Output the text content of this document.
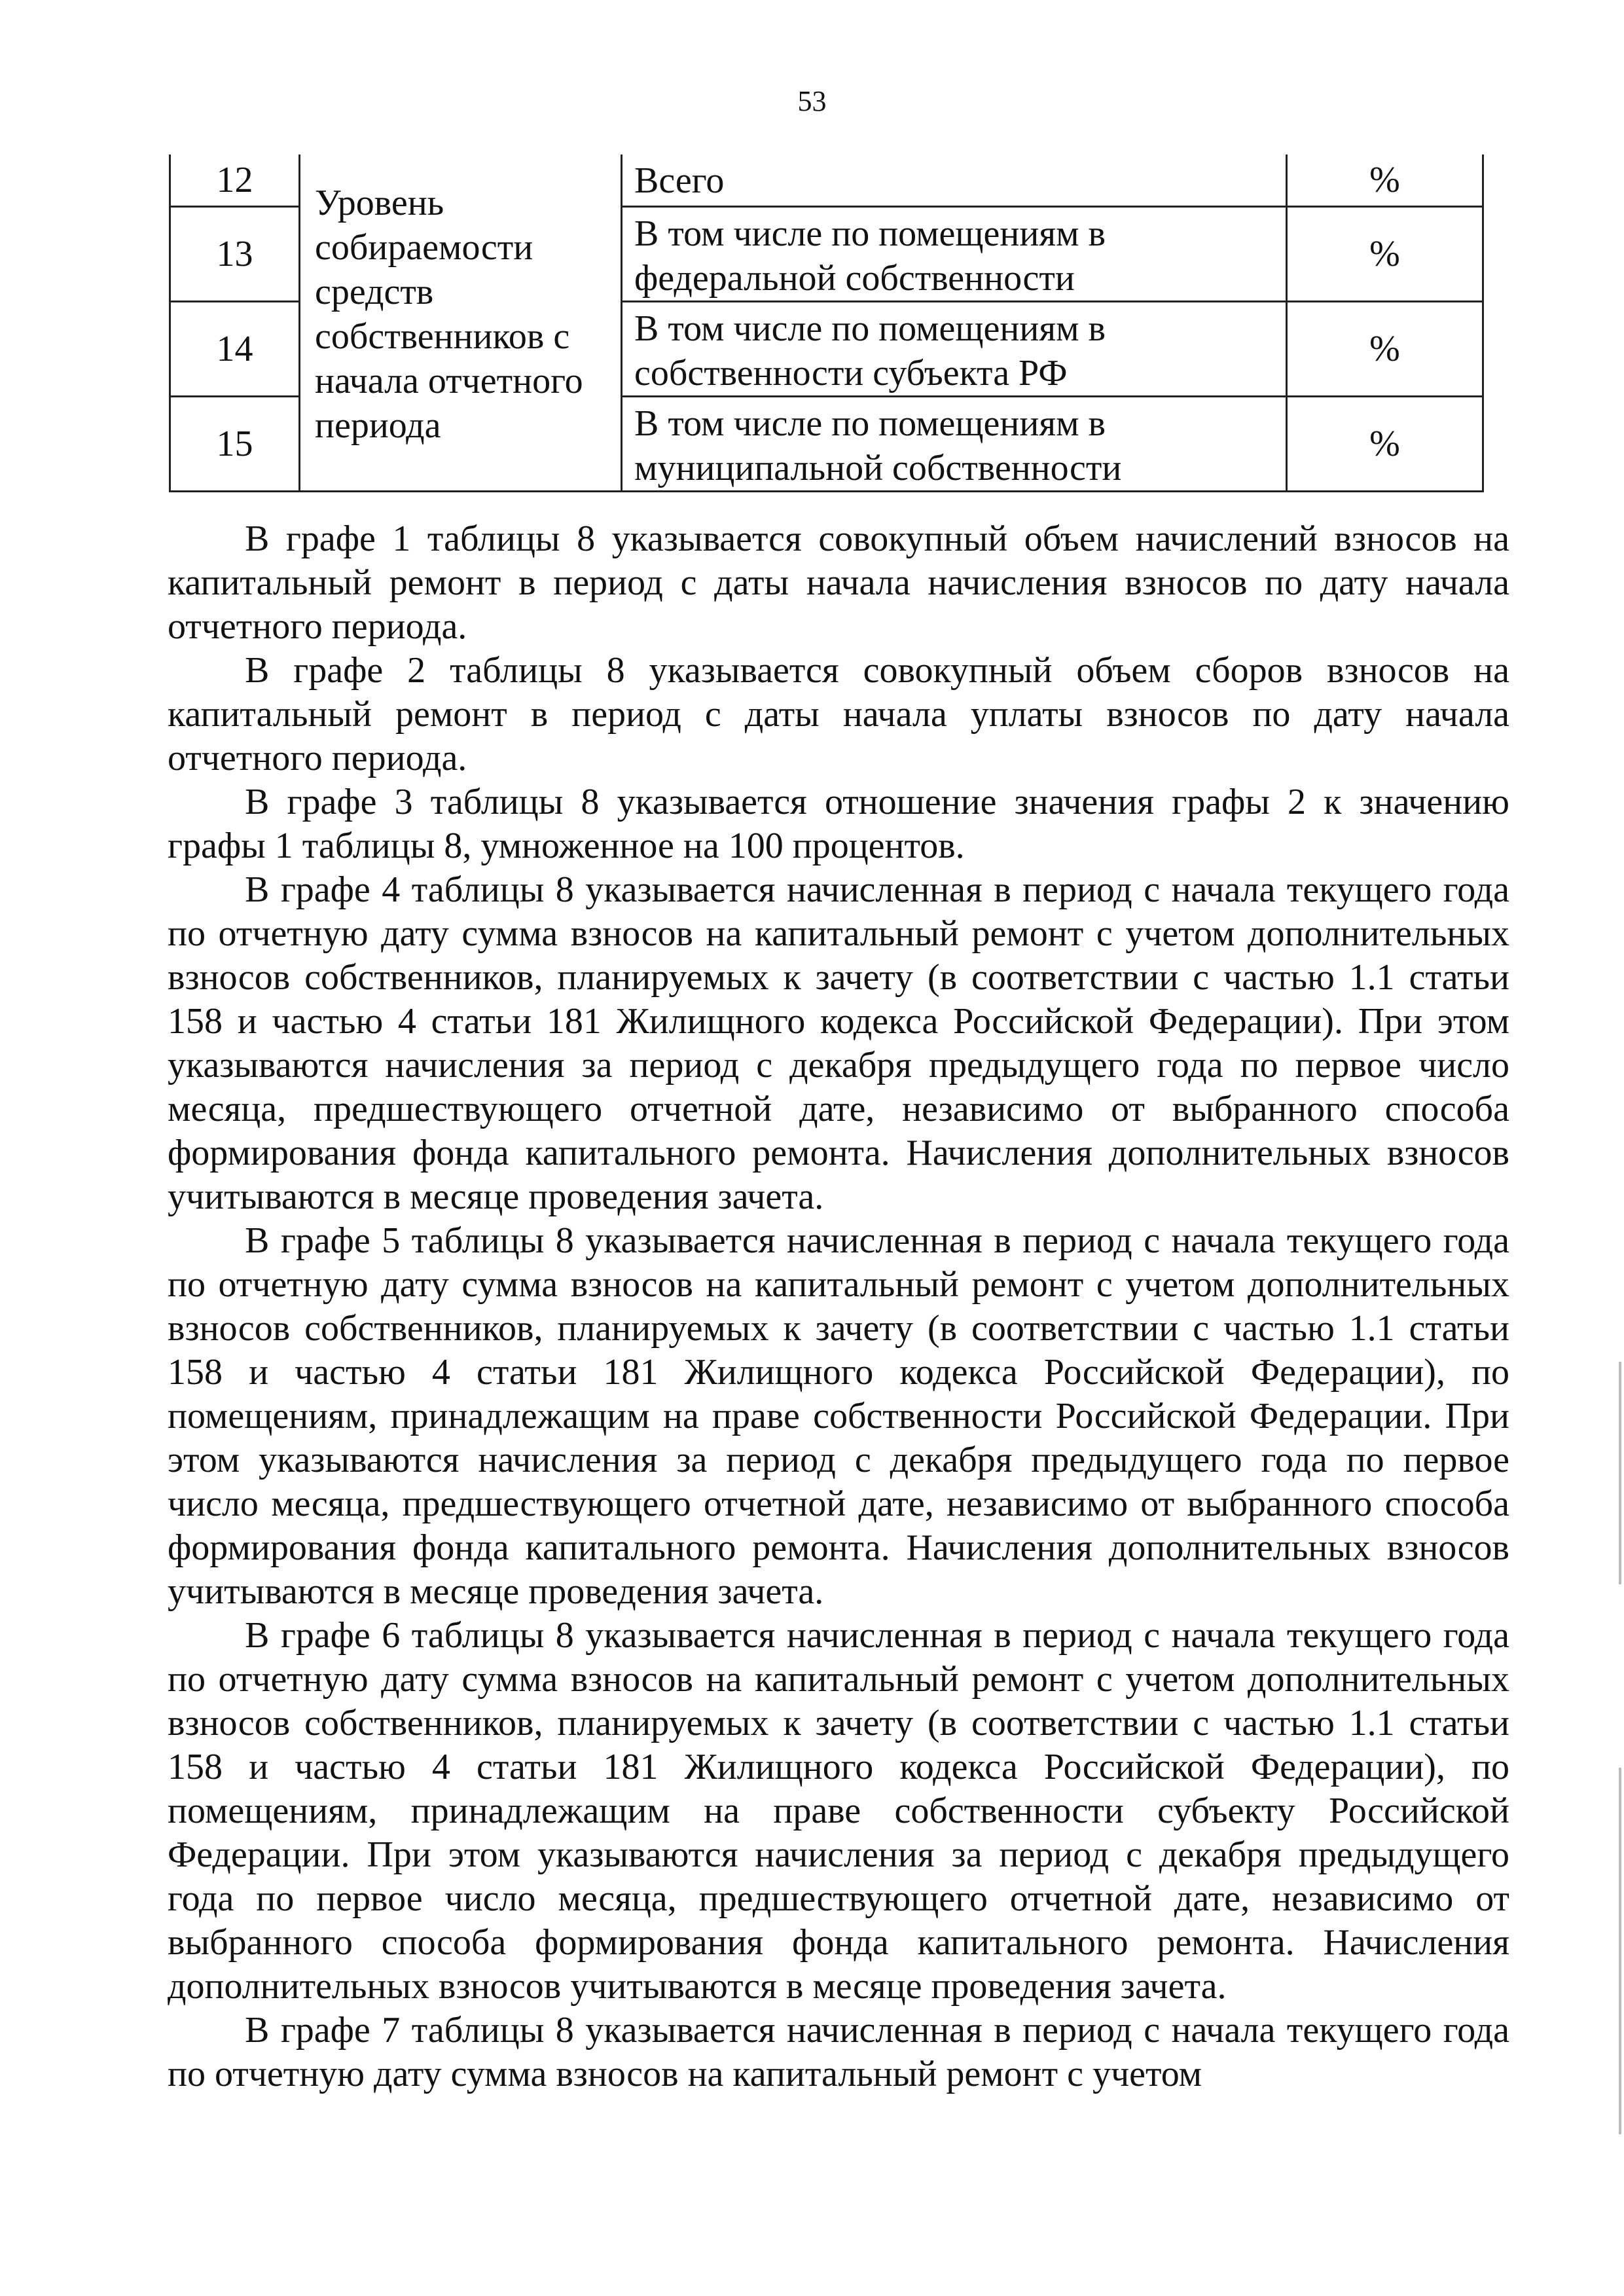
53
12	Уровень собираемости средств собственников с начала отчетного периода	Всего	%
13		В том числе по помещениям в федеральной собственности	%
14		В том числе по помещениям в собственности субъекта РФ	%
15		В том числе по помещениям в муниципальной собственности	%

В графе 1 таблицы 8 указывается совокупный объем начислений взносов на капитальный ремонт в период с даты начала начисления взносов по дату начала отчетного периода.

В графе 2 таблицы 8 указывается совокупный объем сборов взносов на капитальный ремонт в период с даты начала уплаты взносов по дату начала отчетного периода.

В графе 3 таблицы 8 указывается отношение значения графы 2 к значению графы 1 таблицы 8, умноженное на 100 процентов.

В графе 4 таблицы 8 указывается начисленная в период с начала текущего года по отчетную дату сумма взносов на капитальный ремонт с учетом дополнительных взносов собственников, планируемых к зачету (в соответствии с частью 1.1 статьи 158 и частью 4 статьи 181 Жилищного кодекса Российской Федерации). При этом указываются начисления за период с декабря предыдущего года по первое число месяца, предшествующего отчетной дате, независимо от выбранного способа формирования фонда капитального ремонта. Начисления дополнительных взносов учитываются в месяце проведения зачета.

В графе 5 таблицы 8 указывается начисленная в период с начала текущего года по отчетную дату сумма взносов на капитальный ремонт с учетом дополнительных взносов собственников, планируемых к зачету (в соответствии с частью 1.1 статьи 158 и частью 4 статьи 181 Жилищного кодекса Российской Федерации), по помещениям, принадлежащим на праве собственности Российской Федерации. При этом указываются начисления за период с декабря предыдущего года по первое число месяца, предшествующего отчетной дате, независимо от выбранного способа формирования фонда капитального ремонта. Начисления дополнительных взносов учитываются в месяце проведения зачета.

В графе 6 таблицы 8 указывается начисленная в период с начала текущего года по отчетную дату сумма взносов на капитальный ремонт с учетом дополнительных взносов собственников, планируемых к зачету (в соответствии с частью 1.1 статьи 158 и частью 4 статьи 181 Жилищного кодекса Российской Федерации), по помещениям, принадлежащим на праве собственности субъекту Российской Федерации. При этом указываются начисления за период с декабря предыдущего года по первое число месяца, предшествующего отчетной дате, независимо от выбранного способа формирования фонда капитального ремонта. Начисления дополнительных взносов учитываются в месяце проведения зачета.

В графе 7 таблицы 8 указывается начисленная в период с начала текущего года по отчетную дату сумма взносов на капитальный ремонт с учетом
